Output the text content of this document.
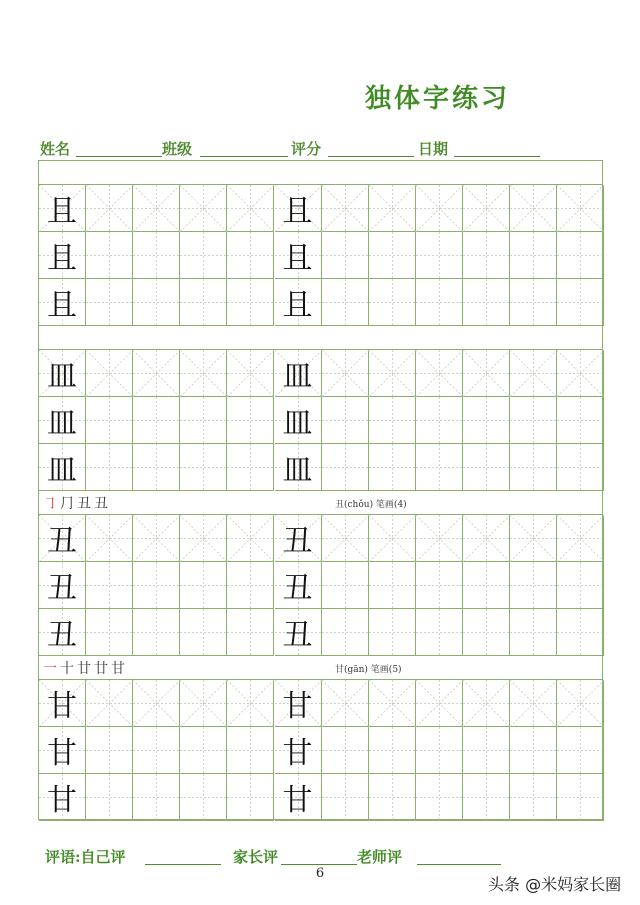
独体字练习
姓名	班级	评分	日期
且	且
且	且
且	且
皿	皿
皿	皿
皿	皿
㇆ ⺆ 丑 丑	丑(chǒu) 笔画(4)
丑	丑
丑	丑
丑	丑
一 十 廿 廿 甘	甘(gān) 笔画(5)
甘	甘
甘	甘
甘	甘
评语:自己评	家长评	老师评
6
头条 @米妈家长圈
